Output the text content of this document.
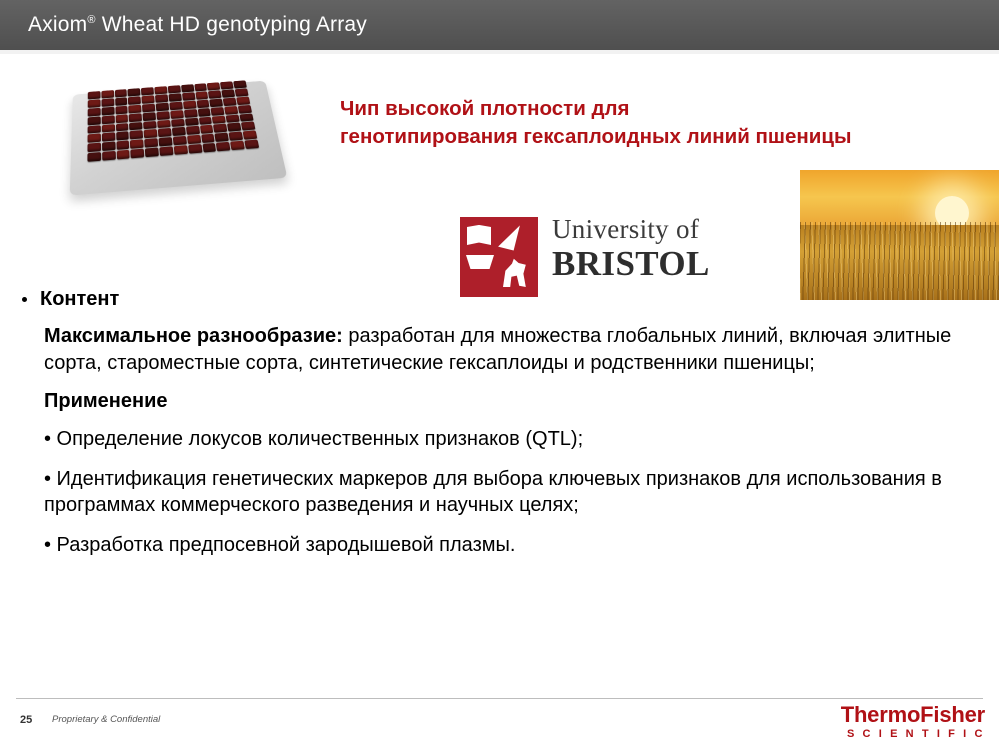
Axiom® Wheat HD genotyping Array
Чип высокой плотности для
генотипирования гексаплоидных линий пшеницы
University of
BRISTOL
Контент
Максимальное разнообразие: разработан для множества глобальных линий, включая элитные сорта, староместные сорта, синтетические гексаплоиды и родственники пшеницы;
Применение
• Определение локусов количественных признаков (QTL);
• Идентификация генетических маркеров для выбора ключевых признаков для использования в программах коммерческого разведения и научных целях;
• Разработка предпосевной зародышевой плазмы.
25 Proprietary & Confidential	ThermoFisher
S C I E N T I F I C
